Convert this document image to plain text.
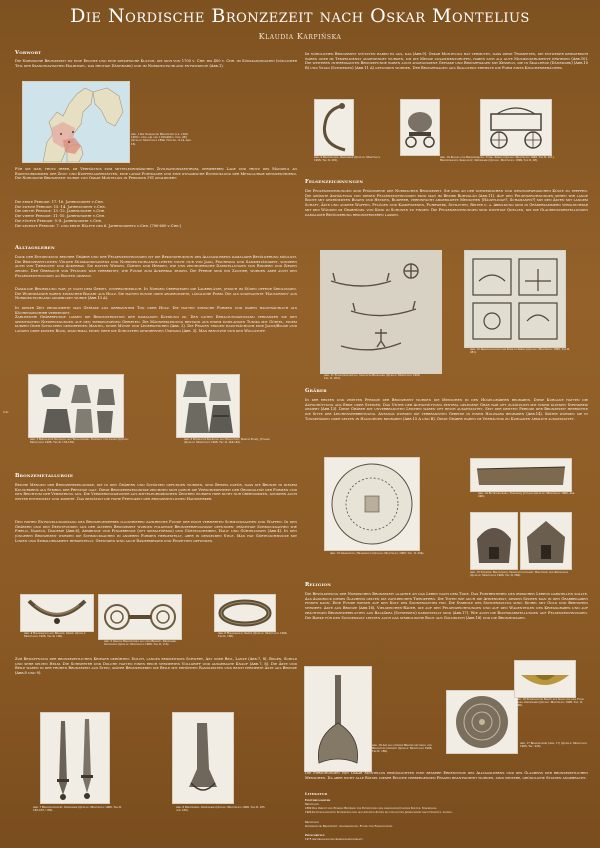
Die Nordische Bronzezeit nach Oskar Montelius
Klaudia Karpińska
text
Vorwort
Die Nordische Bronzezeit ist eine Epoche und eine spezifische Kultur, die sich von 1700 v. Chr. bis 400 v. Chr. im Südskandinavien (südlicher Teil der Skandinavischen Halbinsel, das heutige Dänemark) und im Norddeutschland entwickelte (Abb.1).
Abb. 1 Die Nordische Bronzezeit (ca. 1500-1000 v. Chr. (A) und 1100-900 v. Chr. (B)) (Quelle: Montelius 1899, Text-Ill. S.14, Abb. 18).
Für sie war, trotz ihrer, im Verhältnis zum mitteleuropäischen Zivilisationszentrum, peripheren Lage und trotz des Mangels an Eigenvorkommen der Zinn- und Kupferlagerstätten, eine lange Fortdauer und eine dynamische Entwicklung der Metallurgie kennzeichnend. Die Nordische Bronzezeit wurde von Oskar Montelius in Perioden I-VI gegliedert:
Die erste Periode: 17.-16. Jahrhundert v.Chr.
Die zweite Periode: 15.-14. Jahrhundert v.Chr.
Die dritte Periode: 13.-12. Jahrhundert v.Chr.
Die vierte Periode: 11.-10. Jahrhundert v.Chr.
Die fünfte Periode: 9.-8. Jahrhundert v.Chr.
Die sechste Periode: 7. und erste Hälfte des 6. Jahrhunderts v.Chr. (700-600 v.Chr.)
Alltagsleben
Dank der Entdeckung reicher Gräber und der Felsenzeichnungen ist die Rekonstruktion des Alltagslebens damaliger Bevölkerung möglich. Die Bronzezeitlichen Völker Südskandinaviens und Norddeutschlands lebten nicht nur von Jagd, Fischfang und Sammeltätigkeit, sondern auch von Tierzucht und Ackerbau. Sie hatten Wiesen, Gärten und Herden, wie uns zeichnerische Darstellungen von Rindern und Ziegen zeigen. Der Gebrauch von Pflügen war verbreitet, wie Funde zum Ackerbau zeigen. Die Pferde sind ein Zugtier, wurden aber auch den Felsenzeichnungen an Booten gezeigt.
Damalige Besiedlung war, je nach dem Gebiet, unterschiedlich. In Norden überwiegen die Lagerplätze, jedoch im Süden offene Siedlungen. Die Wohnhäuser waren einfacher Bauart aus Holz. Sie hatten runde oder abgerundete, längliche Form. Die als sogenannte 'Hausurnen' aus Norddeutschland angebildet wurde (Abb.13 A).
In dieser Zeit produzierte man Gefässe aus gebranntem Ton oder Holz. Die hatten einfache Formen und waren hauptsächlich als Küchengeschirr verwendet.
Zahlreiche Gräberfunde lassen die Rekonstruktion der damaligen Kleidung zu. Den guten Erhaltungszustand verdanken sie den spezifischen Niederlegungen auf den tiergelegenen Gebieten. Die Männerkleidung bestand aus einem knielangen Tunika mit Gürtel, einem kurzen Oder Schultern geworfenen Mantel, einer Mütze und Lederschuhen (Abb. 2). Die Frauen trugen hauptsächlich eine Jacke/Bluse und langen oder kurzen Rock, manchmal einen über die Schultern geworfenen Umhang (Abb. 3). Man benutzte nur den Wollstoff.
Abb. 2 Männliche Kleidung aus Wollgewebe, Tierhaut und Leder (Quelle: Montelius 1906, Taf.II, 133-139).
Abb. 3 Weibliche Kleidung aus Wollstoff, Borum Eshöj, Jütland (Quelle: Montelius 1906, Taf.II, 144-145).
Bronzemetallurgie
Reiche Mengen der Bronzeerzeugnisse, die in den Gräbern und Schätzen gefunden wurden, sind Beweis dafür, dass die Bronze in diesem Kulturkreis als Symbol der Prestige galt. Diese Bronzeerzeugnisse zeichnen sich durch die Verschiedenheit der Originalität der Formen und den Reichtum der Verzierung aus. Die Verzierungsmuster aus mitteleuropäischen Zentren wurden hier nicht nur übernommen, sondern auch weiter entwickelt und kopiert. Das bestätigt die hohe Fertigkeit der bronzezeitlichen Handwerker.
Den hohen Entwicklungsstand des Bronzegewerbes illustrieren zahlreiche Funde der hoch verzierten Schmucksachen und Waffen. In den Gräbern und den Depotfunden aus der älteren Bronzezeit wurden folgende Bronzeerzeugnisse gefunden: prächtige Schmucksachen wie Fibeln, Nadeln, Diademe (Abb.6), Armringe und Fingerringe (oft spiralförmig) und Gürtelscheiben, Hals- und Gürteldosen (Abb.4). In den jüngeren Bronzezeit wurden die Schmucksachen in anderen Formen hergestellt, aber in denselben Stile. Man hat Gürtelschmucke mit Linien und Spiralornament hergestellt. Gefunden sind auch Rasiermesser und Pinzetten gefunden.
Abb. 4 Halskragen aus Bronze, Skåne (Quelle: Montelius 1906, Taf.II, 100).
Abb. 5 Grosse Bronzefibel aus dem Bronze, Dänemark. Schweden (Quelle: Montelius 1906, Taf.II, 113).
Abb. 6 Halskragen, Skåne (Quelle: Montelius 1906, Taf.II, 106).
Zur Bewaffnung der bronzezeitlichen Krieger gehörten: Dolch, langes beidseitiges Schwert, Axt oder Beil, Lanze (Abb.7, 8), Bogen, Schild und sehr selten Helm. Die Schwerter und Dolche hatten einen reich verzierten Vollgriff und ausgebaute Knauf (Abb.7, 8). Die Äxte und Beile waren in der frühen Bronzezeit aus Stein, später Bronzeneben die Beile mit erhöhten Randleisten und reich verzierte Äxte aus Bronze (Abb.8 und 9).
Abb. 7 Bronzeschwert, Dänemark (Quelle: Montelius 1906, Taf.II, 180-183 / 185).
Abb. 8 Bronzebeil, Dänemark (Quelle: Montelius 1906, Taf.II, 165 und 166).
Im nördlichen Bronzezeit stützten haben es aus, das (Abb.9). Oskar Montelius hat vermutet, dass diese Trompeten, die entweder kriegerisch waren oder im Tempeldienst angewendet wurden, um die Menge zusammenzurufen, haben sich als gute Musikinstrumente erwiesen (Abb.10). Die weiteren interessanten Bronzefunde waren auch angegossene Gefässe und Bronzewagen mit Kesseln, die in Skallerup (Dänemark) (Abb.10 B) und Ystad (Schweden) (Abb.11 A) gefunden worden. Der Bronzewagen aus Skallerup erhielte die Form eines Knochenbehälters.
Abb. 9 Bronzelure, Dänemark (Quelle: Montelius 1906, Taf.II, 201).
Abb. 10 Kessel und Bronzewagen, Ystad, Skåne (Quelle: Montelius 1906, Taf.II, 201). Bronzewagen, Skallerup, Dänemark (Quelle: Montelius 1899, Taf.II, 28).
Felsenzeichnungen
Die Felsenzeichnungen sind Phänomene der Nordischen Bronzezeit. Sie sind an der schwedischen und westnorwegischen Küste zu treffen. Die größte Anhäufung von diesen Felsenzeichnungen fand man im Bezirk Bohuslän (Abb.11). Auf den Felsenzeichnungen sehen wir lange Boote mit gekrümmten Bugen und Hecken, Ruderer, vereinfacht abgebildete Menschen (Häuptlinge?, Schamanen?) mit den Äxten mit langem Schaft, Äxte und andere Waffen, Pflügen und Kampfszenen, Fuhrwerk, Schlitten, Reiter u. a. Abbildung sind in Gräberkammern vergleichbar mit den Wänden im Grabhügel von Kivik in Schonen zu finden. Die Felsenzeichnungen sind wichtige Quellen, die die Glaubensvorstellungen damaliger Bevölkerung rekonstruieren lassen.
Abb. 11 Felsenzeichnung, Tanum im Bohuslän (Quelle: Montelius 1906, Taf. II, 203).
Abb. 12 Darstellungen von Kivik in Skåne (Quelle: Montelius 1899, Taf.II, 281).
Gräber
In der ersten und zweiten Periode der Bronzezeit wurden die Menschen in den Hügelgräbern begraben. Diese Kurgane hatten die Aufschüttung aus Erde oder Steinen. Das Unter der Aufschüttung zentral gelegene Grab war oft zusätzlich mit einem kleinen Steinkreis geziert (Abb.13). Diese Gräber mit unverbrannten Leichen waren oft reich ausgestattet. Seit der dritten Periode der Bronzezeit herrschte die Sitte der Leichenverbrennung. Anfangs wurden die verbrannten Gebeine in einem Holzsarg begraben (Abb.14). Später wurden sie in Tongefässen oder selten in Hausurnen begraben (Abb.15 A und B). Diese Gräber waren im Verhältnis zu Kurganen ärmlich ausgestattet.
Abb. 13 Grabhügel, Hågahögen (Quelle: Montelius 1906, Taf. II, 234).
Abb. 14 Eichener Sarg, Treenhøj, Jütland (Quelle: Montelius 1906, Abb. 246).
Abb. 15 Tönerne Hausurnen, Norddeutschland: Hausurne von Königsaue (Quelle: Montelius 1906, Taf.II, 260).
Religion
Die Bevölkerung der Nordischen Bronzezeit glaubte an das Leben nach dem Tode. Das Fortbestehen des irdischen Lebens darstellen sollte. Als Ausdruck dieses Glaubens gelten die zahlreichen Tieropfern. Die Toten wie auch die Ahnengeist, dessen Spuren man in den Grabbeigaben finden kann. Eine Funde wiesen auf den Kult des Sonnengottes hin. Die Symbole des Sonnenkultus sind: Sichel mit Gold und Bernstein verziert. Axte aus Bronze (Abb.16), Vielspeichen-Räder, die auf den Felsenzeichnungen und auf den Wagenteilen des Kriegsgrabes und auf prächtigen Bronzezierplatten aus Balkåkra (Schweden) dargestellt sind (Abb.17). Wie auch die Bootsdarstellungen auf Felsenzeichnungen. Die Barke für den Sonnenkult leisten auch das symbolische Boot aus Goldblech (Abb.18) und die Bronzewagen.
Abb. 16 Axt aus dünner Bronze mit Gold und Bernstein verziert (Quelle: Montelius 1906, Taf.II, 189).
Abb. 17 Bronzegerät (Abb. 17) (Quelle: Montelius 1906, Taf. 225).
Abb. 18 Symbolische Boote aus Gold von dem Fund Nors, Dänemark (Quelle: Montelius 1906, Taf. II, 198).
Die Forschungen von Oskar Montelius ermöglichten eine bessere Erkenntnis des Alltagslebens und des Glaubens der bronzezeitlichen Menschen. Da aber nicht alle Rätsel dieser Epoche verbergenden Fragen beantwortet wurden, sind weitere, gründliche Studien angebracht.
Literatur
Einführungswerk
Montelius
1899 Der Orient und Europa: Beiträge zur Entstehung der vorgeschichtlichen Kultur. Stockholm.
1906 Kulturgeschichte Schwedens von den ältesten Zeiten bis zum elften Jahrhundert nach Christus. Leipzig.
Montelius
Schwedische Bronzezeit, Ausgrabungen, Funde und Forschungen.
Zeitschriften
1975 Archäologisches Korrespondenzblatt.
